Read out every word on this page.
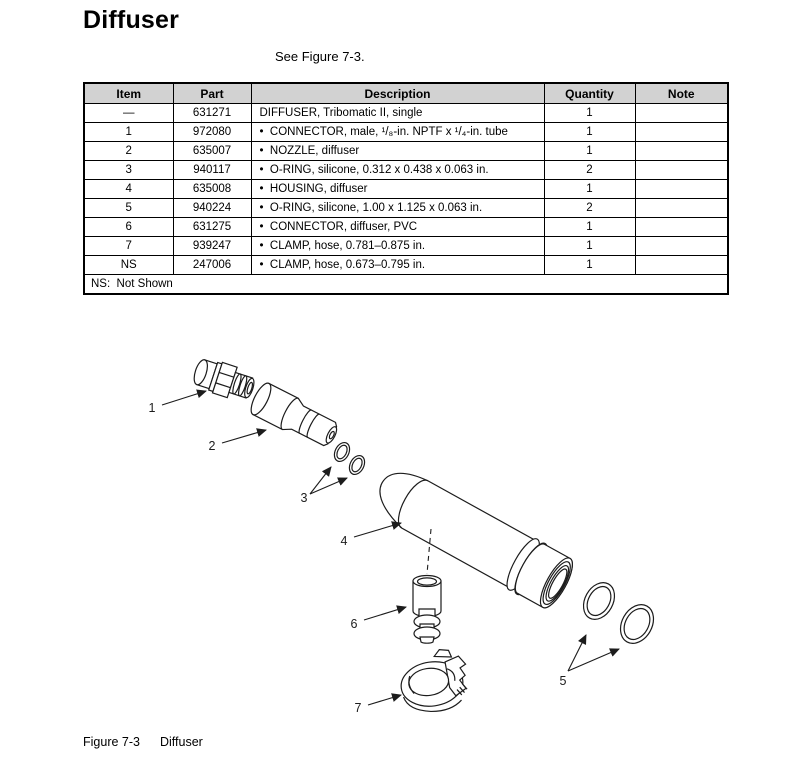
Diffuser
See Figure 7-3.
Item	Part	Description	Quantity	Note
—	631271	DIFFUSER, Tribomatic II, single	1	
1	972080	•  CONNECTOR, male, ¹/₈-in. NPTF x ¹/₄-in. tube	1	
2	635007	•  NOZZLE, diffuser	1	
3	940117	•  O-RING, silicone, 0.312 x 0.438 x 0.063 in.	2	
4	635008	•  HOUSING, diffuser	1	
5	940224	•  O-RING, silicone, 1.00 x 1.125 x 0.063 in.	2	
6	631275	•  CONNECTOR, diffuser, PVC	1	
7	939247	•  CLAMP, hose, 0.781–0.875 in.	1	
NS	247006	•  CLAMP, hose, 0.673–0.795 in.	1	
NS:  Not Shown				
1
2
3
4
5
6
7
Figure 7-3 Diffuser
